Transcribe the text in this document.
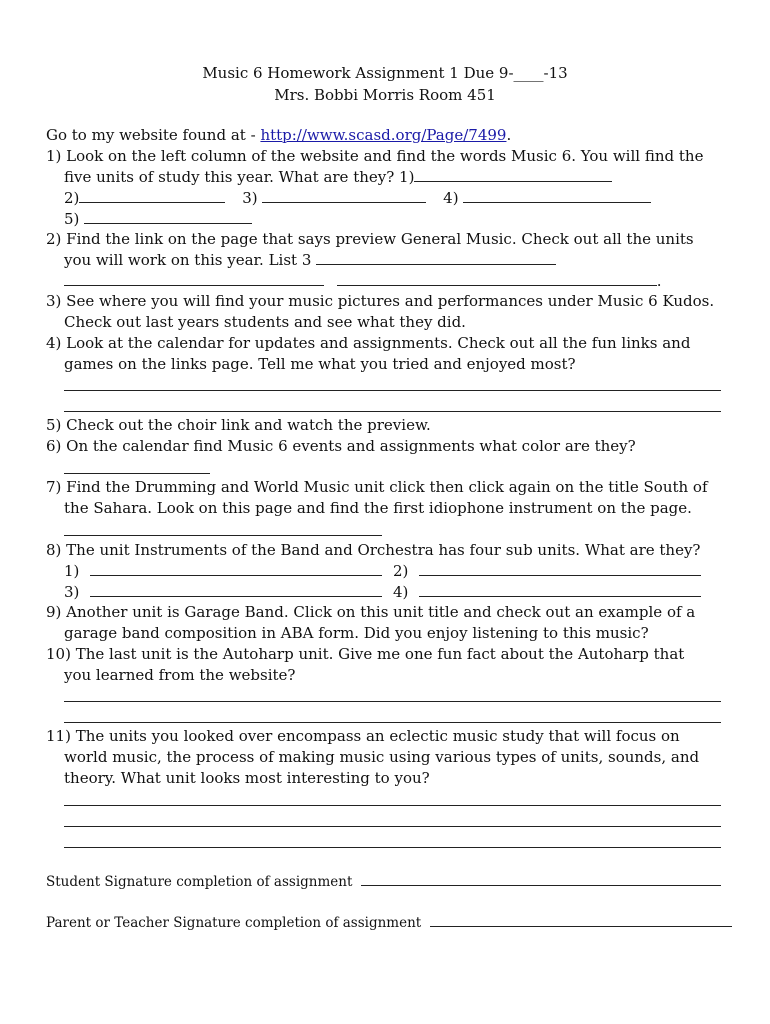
Music 6 Homework Assignment 1 Due 9-____-13
Mrs. Bobbi Morris Room 451
Go to my website found at - http://www.scasd.org/Page/7499.
1) Look on the left column of the website and find the words Music 6. You will find the
five units of study this year. What are they? 1)
2)	3)	4)
5)
2) Find the link on the page that says preview General Music. Check out all the units
you will work on this year. List 3
.
3) See where you will find your music pictures and performances under Music 6 Kudos.
Check out last years students and see what they did.
4) Look at the calendar for updates and assignments. Check out all the fun links and
games on the links page. Tell me what you tried and enjoyed most?
5) Check out the choir link and watch the preview.
6) On the calendar find Music 6 events and assignments what color are they?
7) Find the Drumming and World Music unit click then click again on the title South of
the Sahara. Look on this page and find the first idiophone instrument on the page.
8) The unit Instruments of the Band and Orchestra has four sub units. What are they?
1)	2)
3)	4)
9) Another unit is Garage Band. Click on this unit title and check out an example of a
garage band composition in ABA form. Did you enjoy listening to this music?
10) The last unit is the Autoharp unit. Give me one fun fact about the Autoharp that
you learned from the website?
11) The units you looked over encompass an eclectic music study that will focus on
world music, the process of making music using various types of units, sounds, and
theory. What unit looks most interesting to you?
Student Signature completion of assignment
Parent or Teacher Signature completion of assignment
